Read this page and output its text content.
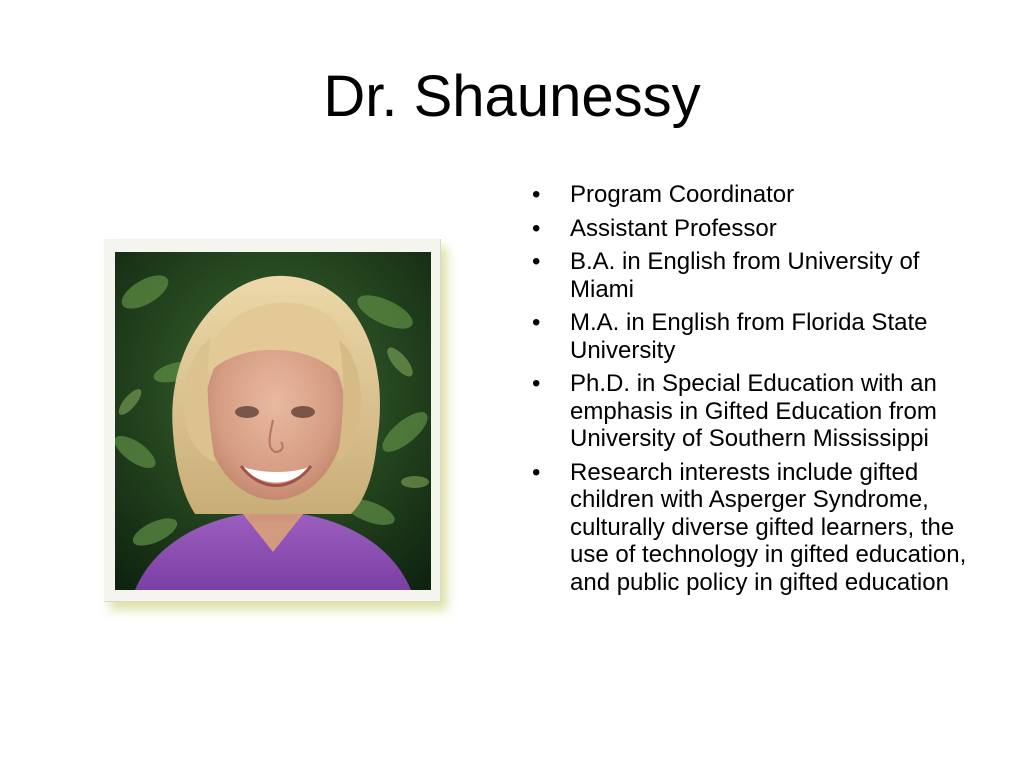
Dr. Shaunessy
• Program Coordinator
• Assistant Professor
• B.A. in English from University of Miami
• M.A. in English from Florida State University
• Ph.D. in Special Education with an emphasis in Gifted Education from University of Southern Mississippi
• Research interests include gifted children with Asperger Syndrome, culturally diverse gifted learners, the use of technology in gifted education, and public policy in gifted education
